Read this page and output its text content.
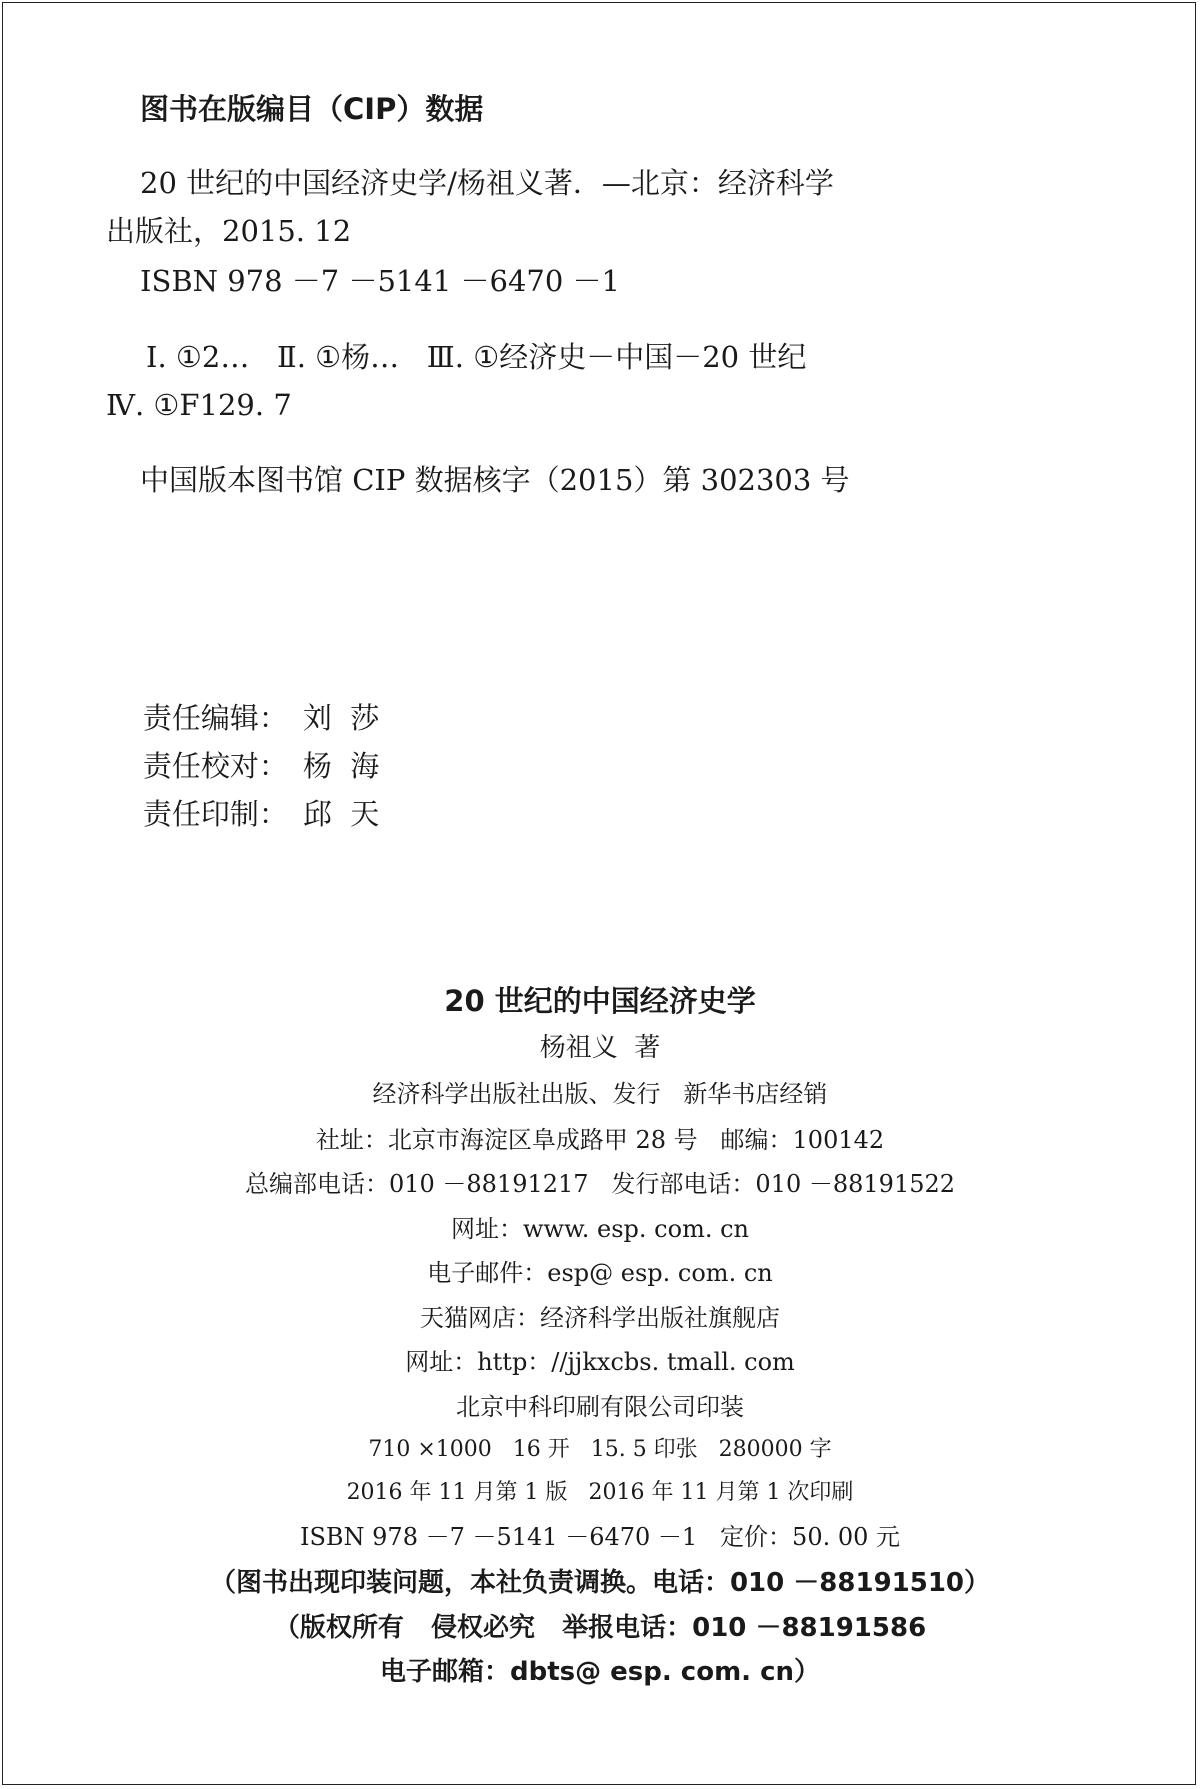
图书在版编目（CIP）数据
20 世纪的中国经济史学/杨祖义著．—北京：经济科学
出版社，2015. 12
ISBN 978 －7 －5141 －6470 －1
Ⅰ. ①2…   Ⅱ. ①杨…   Ⅲ. ①经济史－中国－20 世纪
Ⅳ. ①F129. 7
中国版本图书馆 CIP 数据核字（2015）第 302303 号

责任编辑： 刘  莎

责任校对： 杨  海

责任印制： 邱  天

20 世纪的中国经济史学
杨祖义  著
经济科学出版社出版、发行   新华书店经销
社址：北京市海淀区阜成路甲 28 号   邮编：100142
总编部电话：010 －88191217   发行部电话：010 －88191522
网址：www. esp. com. cn
电子邮件：esp@ esp. com. cn
天猫网店：经济科学出版社旗舰店
网址：http：//jjkxcbs. tmall. com
北京中科印刷有限公司印装
710 ×1000   16 开   15. 5 印张   280000 字
2016 年 11 月第 1 版   2016 年 11 月第 1 次印刷
ISBN 978 －7 －5141 －6470 －1   定价：50. 00 元
（图书出现印装问题，本社负责调换。电话：010 －88191510）
（版权所有   侵权必究   举报电话：010 －88191586
电子邮箱：dbts@ esp. com. cn）
